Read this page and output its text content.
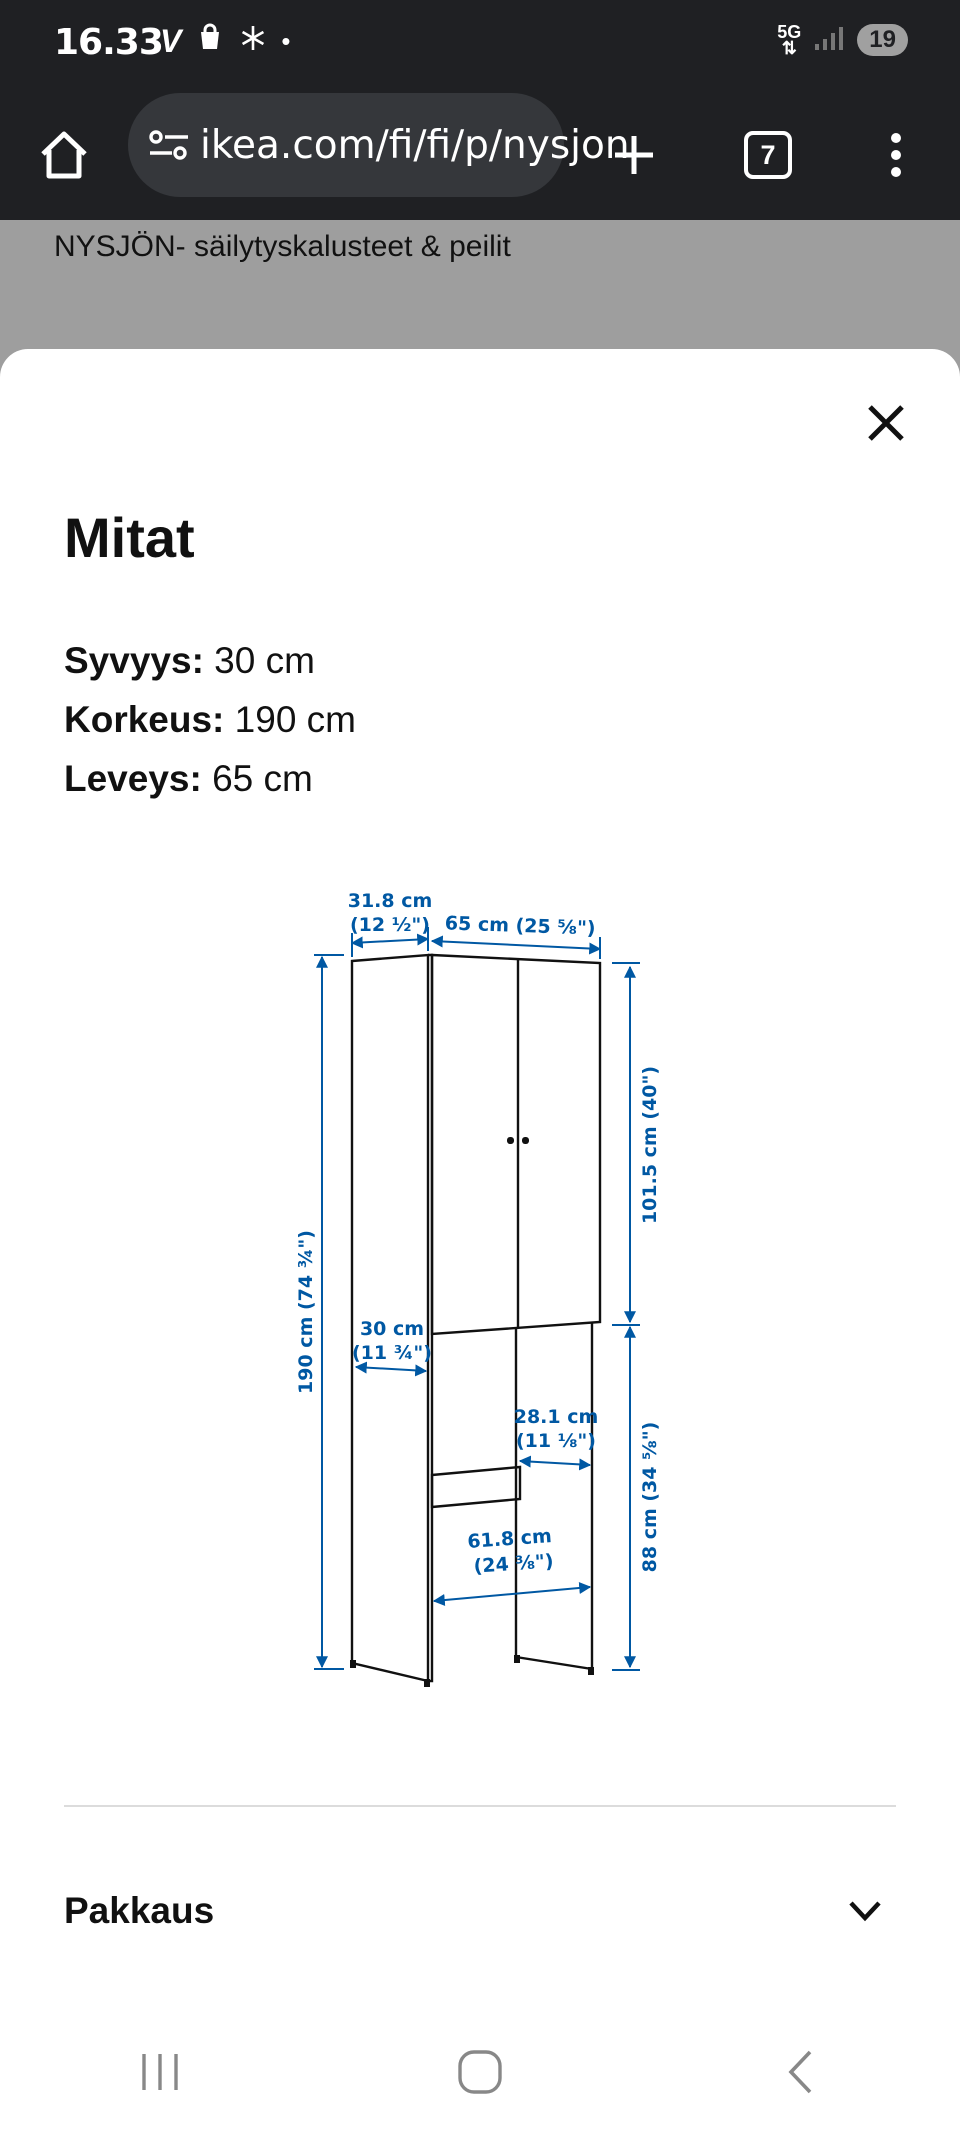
16.33
V	•	5G
⇅	19
7
ikea.com/fi/fi/p/nysjon
NYSJÖN- säilytyskalusteet & peilit
Mitat
Syvyys: 30 cm
Korkeus: 190 cm
Leveys: 65 cm
31.8 cm
(12 ½") 65 cm (25 ⅝")
190 cm (74 ¾")
101.5 cm (40")
88 cm (34 ⅝")
30 cm
(11 ¾")
28.1 cm
(11 ⅛")
61.8 cm
(24 ⅜")
Pakkaus
